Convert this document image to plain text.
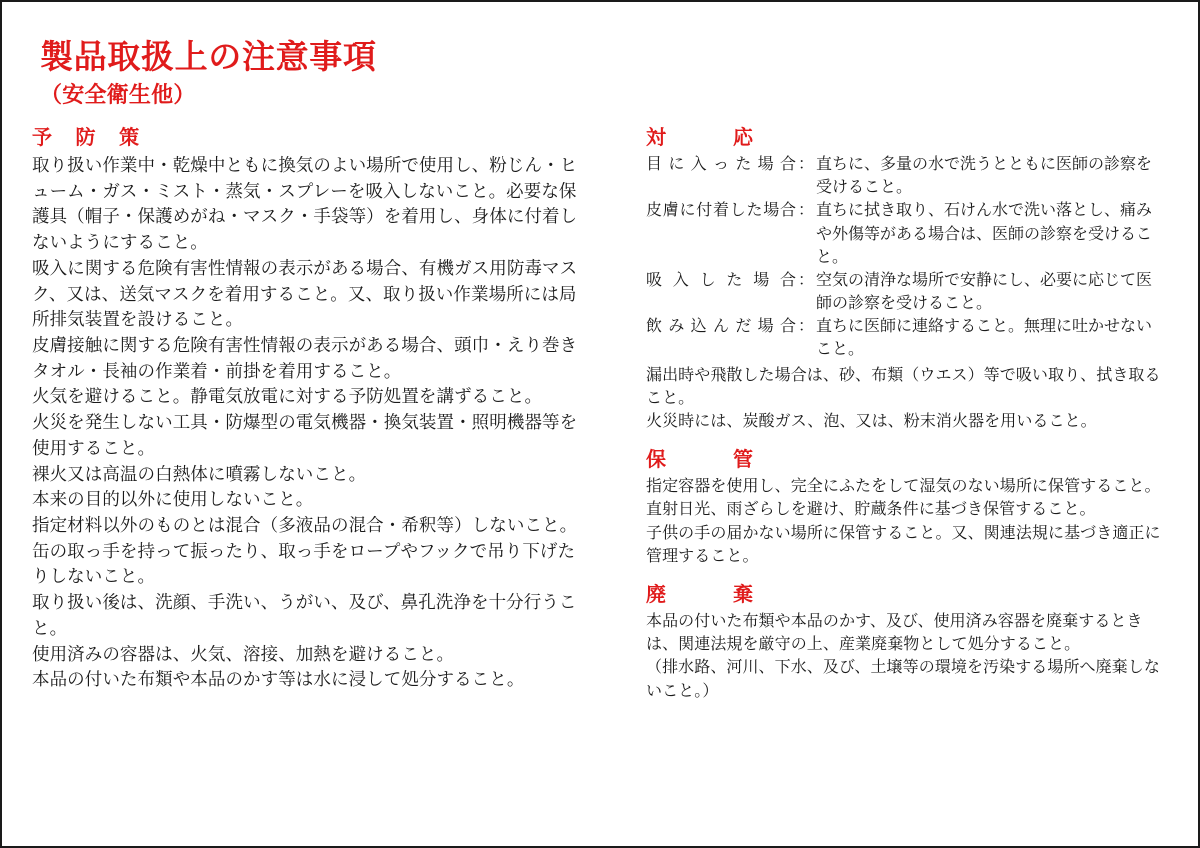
製品取扱上の注意事項
（安全衛生他）
予 防 策

取り扱い作業中・乾燥中ともに換気のよい場所で使用し、粉じん・ヒューム・ガス・ミスト・蒸気・スプレーを吸入しないこと。必要な保護具（帽子・保護めがね・マスク・手袋等）を着用し、身体に付着しないようにすること。

吸入に関する危険有害性情報の表示がある場合、有機ガス用防毒マスク、又は、送気マスクを着用すること。又、取り扱い作業場所には局所排気装置を設けること。

皮膚接触に関する危険有害性情報の表示がある場合、頭巾・えり巻きタオル・長袖の作業着・前掛を着用すること。

火気を避けること。静電気放電に対する予防処置を講ずること。

火災を発生しない工具・防爆型の電気機器・換気装置・照明機器等を使用すること。

裸火又は高温の白熱体に噴霧しないこと。

本来の目的以外に使用しないこと。

指定材料以外のものとは混合（多液品の混合・希釈等）しないこと。

缶の取っ手を持って振ったり、取っ手をロープやフックで吊り下げたりしないこと。

取り扱い後は、洗顔、手洗い、うがい、及び、鼻孔洗浄を十分行うこと。

使用済みの容器は、火気、溶接、加熱を避けること。

本品の付いた布類や本品のかす等は水に浸して処分すること。

対　　応
目 に 入 っ た 場 合 ： 直ちに、多量の水で洗うとともに医師の診察を受けること。
皮膚に付着した場合 ： 直ちに拭き取り、石けん水で洗い落とし、痛みや外傷等がある場合は、医師の診察を受けること。
吸 入 し た 場 合 ： 空気の清浄な場所で安静にし、必要に応じて医師の診察を受けること。
飲 み 込 ん だ 場 合 ： 直ちに医師に連絡すること。無理に吐かせないこと。

漏出時や飛散した場合は、砂、布類（ウエス）等で吸い取り、拭き取ること。

火災時には、炭酸ガス、泡、又は、粉末消火器を用いること。

保　　管

指定容器を使用し、完全にふたをして湿気のない場所に保管すること。

直射日光、雨ざらしを避け、貯蔵条件に基づき保管すること。

子供の手の届かない場所に保管すること。又、関連法規に基づき適正に管理すること。

廃　　棄

本品の付いた布類や本品のかす、及び、使用済み容器を廃棄するときは、関連法規を厳守の上、産業廃棄物として処分すること。

（排水路、河川、下水、及び、土壌等の環境を汚染する場所へ廃棄しないこと。）
